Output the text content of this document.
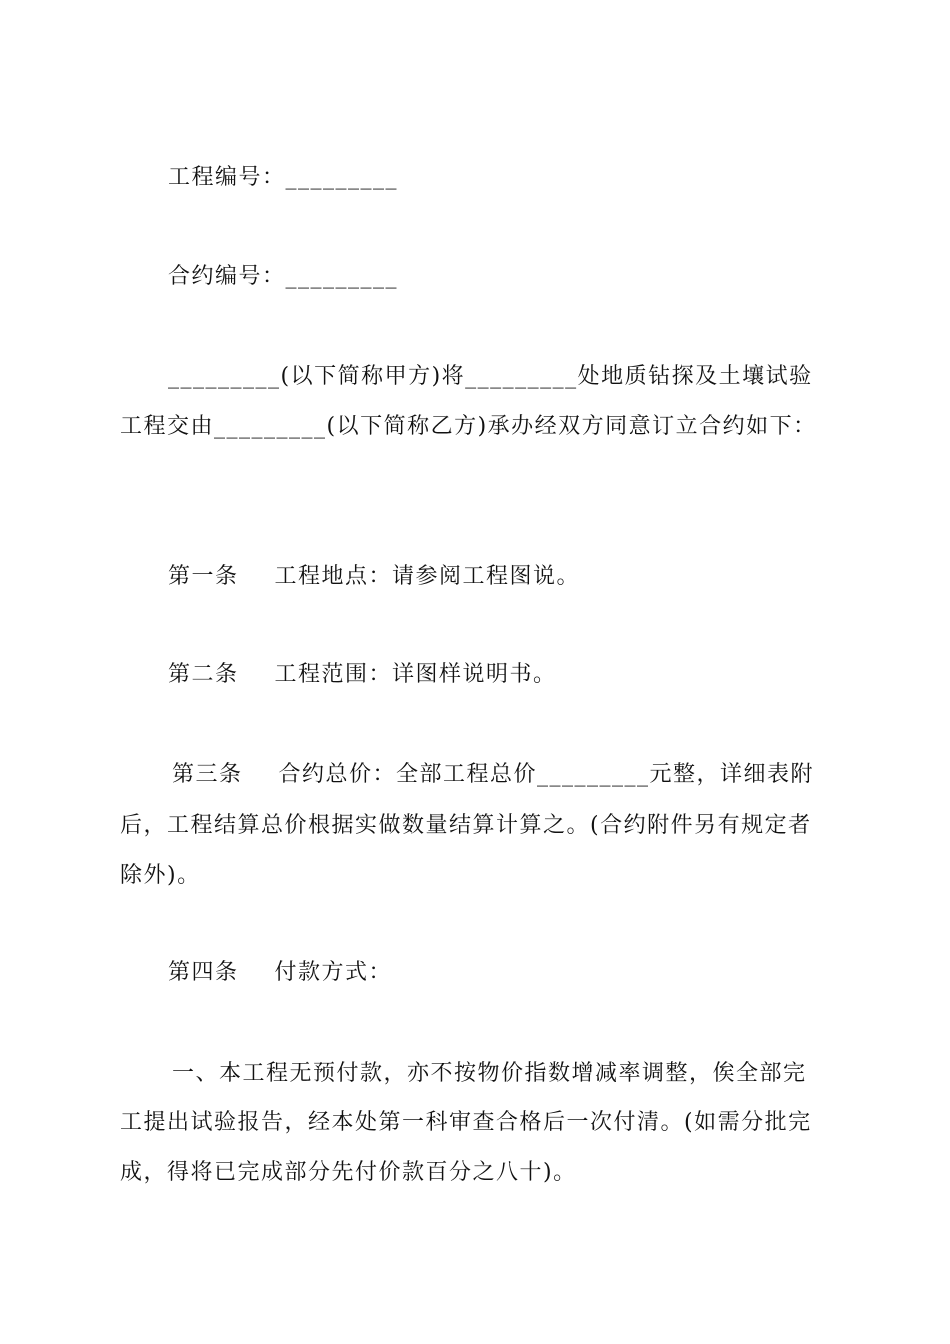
工程编号：_________
合约编号：_________
_________(以下简称甲方)将_________处地质钻探及土壤试验
工程交由_________(以下简称乙方)承办经双方同意订立合约如下：
第一条 工程地点：请参阅工程图说。
第二条 工程范围：详图样说明书。
第三条 合约总价：全部工程总价_________元整，详细表附
后，工程结算总价根据实做数量结算计算之。(合约附件另有规定者
除外)。
第四条 付款方式：
一、本工程无预付款，亦不按物价指数增减率调整，俟全部完
工提出试验报告，经本处第一科审查合格后一次付清。(如需分批完
成，得将已完成部分先付价款百分之八十)。
